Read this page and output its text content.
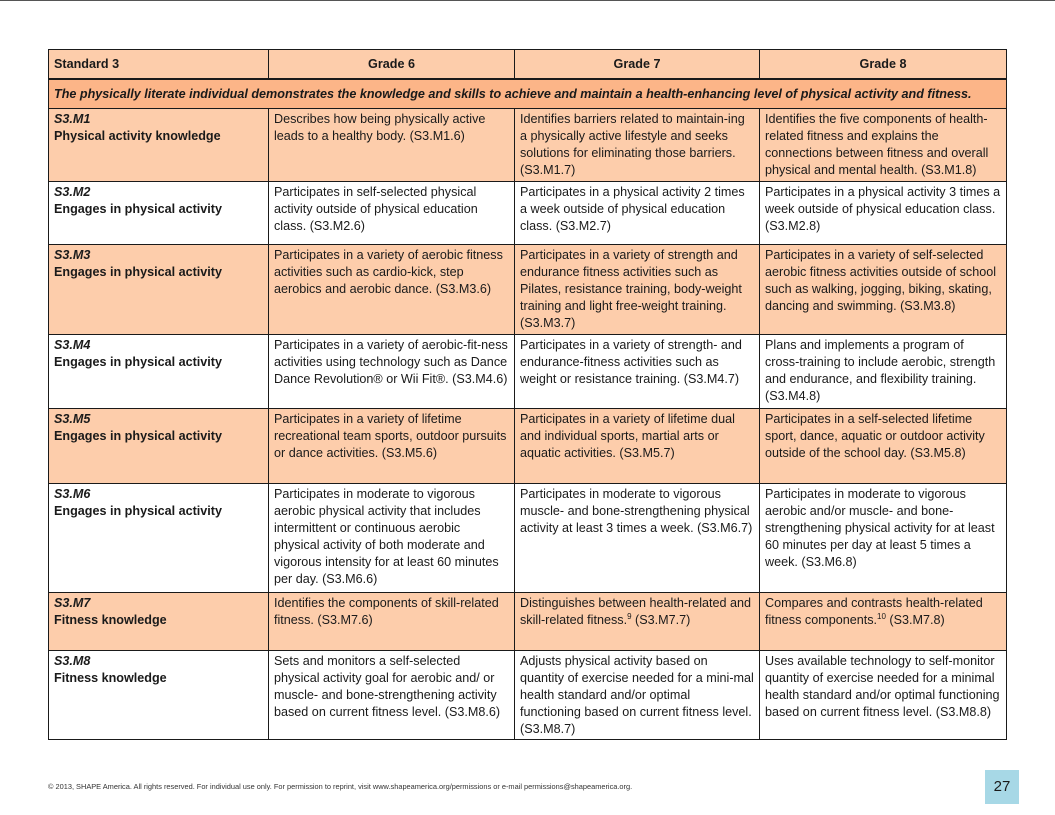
Standard 3	Grade 6	Grade 7	Grade 8
The physically literate individual demonstrates the knowledge and skills to achieve and maintain a health-enhancing level of physical activity and fitness.			

S3.M1
Physical activity knowledge	Describes how being physically active leads to a healthy body. (S3.M1.6)	Identifies barriers related to maintain-ing a physically active lifestyle and seeks solutions for eliminating those barriers. (S3.M1.7)	Identifies the five components of health-related fitness and explains the connections between fitness and overall physical and mental health. (S3.M1.8)

S3.M2
Engages in physical activity	Participates in self-selected physical activity outside of physical education class. (S3.M2.6)	Participates in a physical activity 2 times a week outside of physical education class. (S3.M2.7)	Participates in a physical activity 3 times a week outside of physical education class. (S3.M2.8)

S3.M3
Engages in physical activity	Participates in a variety of aerobic fitness activities such as cardio-kick, step aerobics and aerobic dance. (S3.M3.6)	Participates in a variety of strength and endurance fitness activities such as Pilates, resistance training, body-weight training and light free-weight training. (S3.M3.7)	Participates in a variety of self-selected aerobic fitness activities outside of school such as walking, jogging, biking, skating, dancing and swimming. (S3.M3.8)

S3.M4
Engages in physical activity	Participates in a variety of aerobic-fit-ness activities using technology such as Dance Dance Revolution® or Wii Fit®. (S3.M4.6)	Participates in a variety of strength- and endurance-fitness activities such as weight or resistance training. (S3.M4.7)	Plans and implements a program of cross-training to include aerobic, strength and endurance, and flexibility training. (S3.M4.8)

S3.M5
Engages in physical activity	Participates in a variety of lifetime recreational team sports, outdoor pursuits or dance activities. (S3.M5.6)	Participates in a variety of lifetime dual and individual sports, martial arts or aquatic activities. (S3.M5.7)	Participates in a self-selected lifetime sport, dance, aquatic or outdoor activity outside of the school day. (S3.M5.8)

S3.M6
Engages in physical activity	Participates in moderate to vigorous aerobic physical activity that includes intermittent or continuous aerobic physical activity of both moderate and vigorous intensity for at least 60 minutes per day. (S3.M6.6)	Participates in moderate to vigorous muscle- and bone-strengthening physical activity at least 3 times a week. (S3.M6.7)	Participates in moderate to vigorous aerobic and/or muscle- and bone-strengthening physical activity for at least 60 minutes per day at least 5 times a week. (S3.M6.8)

S3.M7
Fitness knowledge	Identifies the components of skill-related fitness. (S3.M7.6)	Distinguishes between health-related and skill-related fitness.$^9$ (S3.M7.7)	Compares and contrasts health-related fitness components.$^{10}$ (S3.M7.8)

S3.M8
Fitness knowledge	Sets and monitors a self-selected physical activity goal for aerobic and/ or muscle- and bone-strengthening activity based on current fitness level. (S3.M8.6)	Adjusts physical activity based on quantity of exercise needed for a mini-mal health standard and/or optimal functioning based on current fitness level. (S3.M8.7)	Uses available technology to self-monitor quantity of exercise needed for a minimal health standard and/or optimal functioning based on current fitness level. (S3.M8.8)
© 2013, SHAPE America. All rights reserved. For individual use only. For permission to reprint, visit www.shapeamerica.org/permissions or e-mail permissions@shapeamerica.org.	27
